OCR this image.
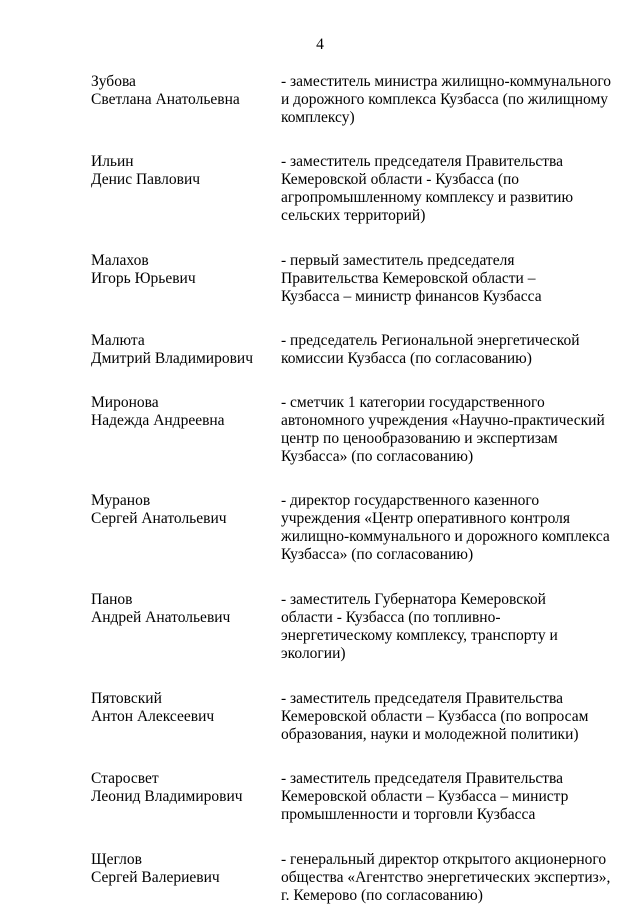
4
Зубова
Светлана Анатольевна
- заместитель министра жилищно-коммунального
и дорожного комплекса Кузбасса (по жилищному
комплексу)
Ильин
Денис Павлович
- заместитель председателя Правительства
Кемеровской области - Кузбасса (по
агропромышленному комплексу и развитию
сельских территорий)
Малахов
Игорь Юрьевич
- первый заместитель председателя
Правительства Кемеровской области –
Кузбасса – министр финансов Кузбасса
Малюта
Дмитрий Владимирович
- председатель Региональной энергетической
комиссии Кузбасса (по согласованию)
Миронова
Надежда Андреевна
- сметчик 1 категории государственного
автономного учреждения «Научно-практический
центр по ценообразованию и экспертизам
Кузбасса» (по согласованию)
Муранов
Сергей Анатольевич
- директор государственного казенного
учреждения «Центр оперативного контроля
жилищно-коммунального и дорожного комплекса
Кузбасса» (по согласованию)
Панов
Андрей Анатольевич
- заместитель Губернатора Кемеровской
области - Кузбасса (по топливно-
энергетическому комплексу, транспорту и
экологии)
Пятовский
Антон Алексеевич
- заместитель председателя Правительства
Кемеровской области – Кузбасса (по вопросам
образования, науки и молодежной политики)
Старосвет
Леонид Владимирович
- заместитель председателя Правительства
Кемеровской области – Кузбасса – министр
промышленности и торговли Кузбасса
Щеглов
Сергей Валериевич
- генеральный директор открытого акционерного
общества «Агентство энергетических экспертиз»,
г. Кемерово (по согласованию)
